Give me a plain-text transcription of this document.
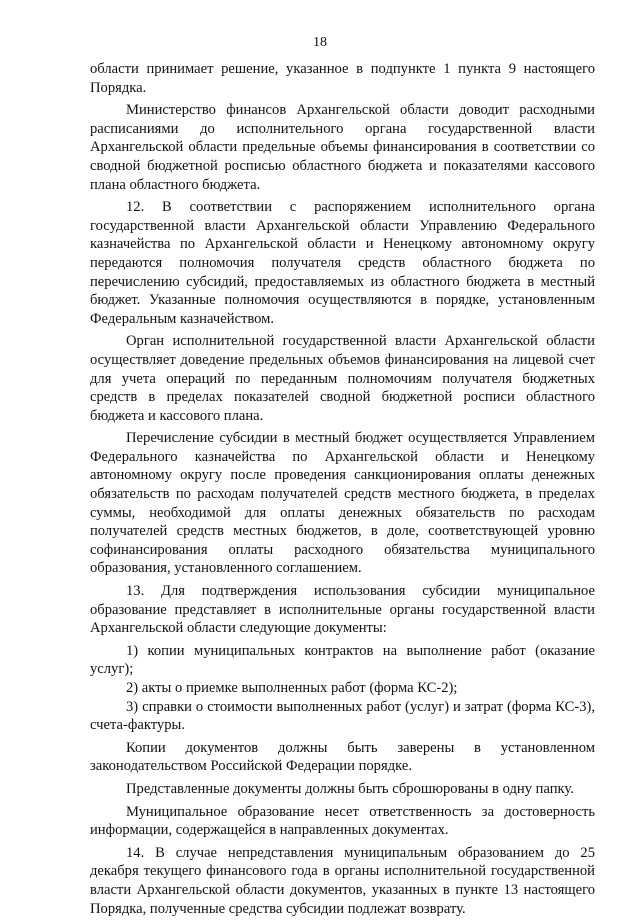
18

области принимает решение, указанное в подпункте 1 пункта 9 настоящего Порядка.

Министерство финансов Архангельской области доводит расходными расписаниями до исполнительного органа государственной власти Архангельской области предельные объемы финансирования в соответствии со сводной бюджетной росписью областного бюджета и показателями кассового плана областного бюджета.

12. В соответствии с распоряжением исполнительного органа государственной власти Архангельской области Управлению Федерального казначейства по Архангельской области и Ненецкому автономному округу передаются полномочия получателя средств областного бюджета по перечислению субсидий, предоставляемых из областного бюджета в местный бюджет. Указанные полномочия осуществляются в порядке, установленным Федеральным казначейством.

Орган исполнительной государственной власти Архангельской области осуществляет доведение предельных объемов финансирования на лицевой счет для учета операций по переданным полномочиям получателя бюджетных средств в пределах показателей сводной бюджетной росписи областного бюджета и кассового плана.

Перечисление субсидии в местный бюджет осуществляется Управлением Федерального казначейства по Архангельской области и Ненецкому автономному округу после проведения санкционирования оплаты денежных обязательств по расходам получателей средств местного бюджета, в пределах суммы, необходимой для оплаты денежных обязательств по расходам получателей средств местных бюджетов, в доле, соответствующей уровню софинансирования оплаты расходного обязательства муниципального образования, установленного соглашением.

13. Для подтверждения использования субсидии муниципальное образование представляет в исполнительные органы государственной власти Архангельской области следующие документы:

1) копии муниципальных контрактов на выполнение работ (оказание услуг);

2) акты о приемке выполненных работ (форма КС-2);

3) справки о стоимости выполненных работ (услуг) и затрат (форма КС-3), счета-фактуры.

Копии документов должны быть заверены в установленном законодательством Российской Федерации порядке.

Представленные документы должны быть сброшюрованы в одну папку.

Муниципальное образование несет ответственность за достоверность информации, содержащейся в направленных документах.

14. В случае непредставления муниципальным образованием до 25 декабря текущего финансового года в органы исполнительной государственной власти Архангельской области документов, указанных в пункте 13 настоящего Порядка, полученные средства субсидии подлежат возврату.
